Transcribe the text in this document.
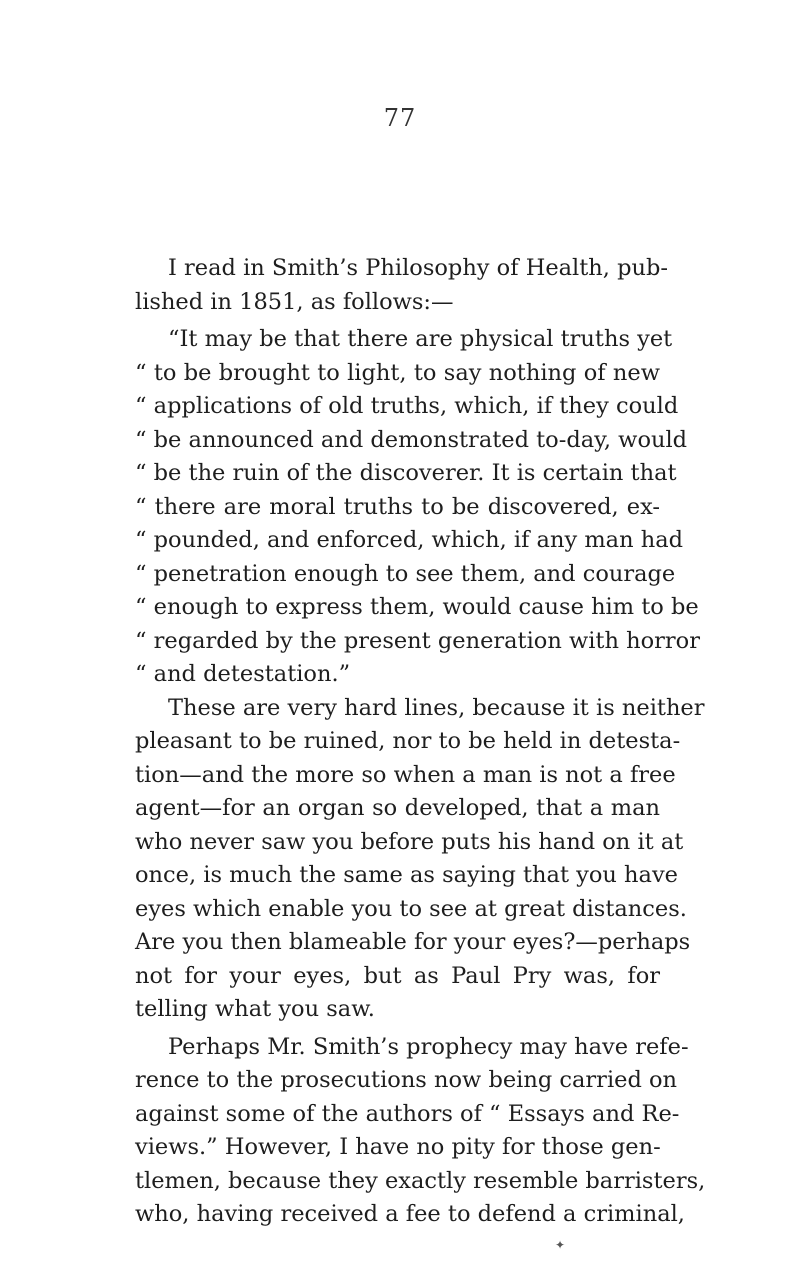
77
I read in Smith’s Philosophy of Health, pub-
lished in 1851, as follows:—
“It may be that there are physical truths yet
“ to be brought to light, to say nothing of new
“ applications of old truths, which, if they could
“ be announced and demonstrated to-day, would
“ be the ruin of the discoverer. It is certain that
“ there are moral truths to be discovered, ex-
“ pounded, and enforced, which, if any man had
“ penetration enough to see them, and courage
“ enough to express them, would cause him to be
“ regarded by the present generation with horror
“ and detestation.”
These are very hard lines, because it is neither
pleasant to be ruined, nor to be held in detesta-
tion—and the more so when a man is not a free
agent—for an organ so developed, that a man
who never saw you before puts his hand on it at
once, is much the same as saying that you have
eyes which enable you to see at great distances.
Are you then blameable for your eyes?—perhaps
not for your eyes, but as Paul Pry was, for
telling what you saw.
Perhaps Mr. Smith’s prophecy may have refe-
rence to the prosecutions now being carried on
against some of the authors of “ Essays and Re-
views.” However, I have no pity for those gen-
tlemen, because they exactly resemble barristers,
who, having received a fee to defend a criminal,
✦
